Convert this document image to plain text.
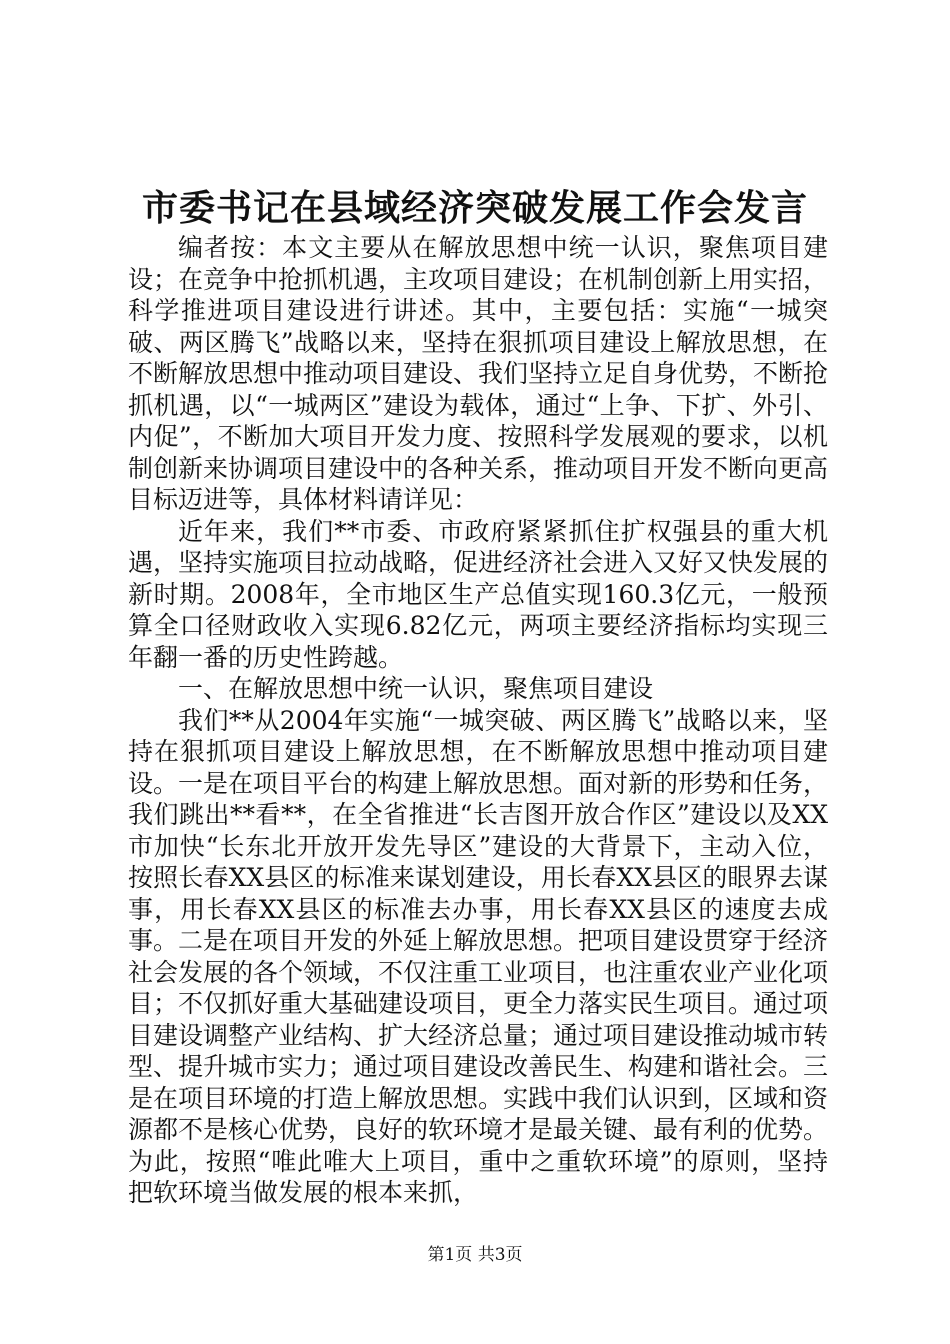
市委书记在县域经济突破发展工作会发言

编者按：本文主要从在解放思想中统一认识，聚焦项目建设；在竞争中抢抓机遇，主攻项目建设；在机制创新上用实招，科学推进项目建设进行讲述。其中，主要包括：实施“一城突破、两区腾飞”战略以来，坚持在狠抓项目建设上解放思想，在不断解放思想中推动项目建设、我们坚持立足自身优势，不断抢抓机遇，以“一城两区”建设为载体，通过“上争、下扩、外引、内促”，不断加大项目开发力度、按照科学发展观的要求，以机制创新来协调项目建设中的各种关系，推动项目开发不断向更高目标迈进等，具体材料请详见：

近年来，我们**市委、市政府紧紧抓住扩权强县的重大机遇，坚持实施项目拉动战略，促进经济社会进入又好又快发展的新时期。2008年，全市地区生产总值实现160.3亿元，一般预算全口径财政收入实现6.82亿元，两项主要经济指标均实现三年翻一番的历史性跨越。

一、在解放思想中统一认识，聚焦项目建设

我们**从2004年实施“一城突破、两区腾飞”战略以来，坚持在狠抓项目建设上解放思想，在不断解放思想中推动项目建设。一是在项目平台的构建上解放思想。面对新的形势和任务，我们跳出**看**，在全省推进“长吉图开放合作区”建设以及XX市加快“长东北开放开发先导区”建设的大背景下，主动入位，按照长春XX县区的标准来谋划建设，用长春XX县区的眼界去谋事，用长春XX县区的标准去办事，用长春XX县区的速度去成事。二是在项目开发的外延上解放思想。把项目建设贯穿于经济社会发展的各个领域，不仅注重工业项目，也注重农业产业化项目；不仅抓好重大基础建设项目，更全力落实民生项目。通过项目建设调整产业结构、扩大经济总量；通过项目建设推动城市转型、提升城市实力；通过项目建设改善民生、构建和谐社会。三是在项目环境的打造上解放思想。实践中我们认识到，区域和资源都不是核心优势，良好的软环境才是最关键、最有利的优势。为此，按照“唯此唯大上项目，重中之重软环境”的原则，坚持把软环境当做发展的根本来抓，

第1页 共3页
